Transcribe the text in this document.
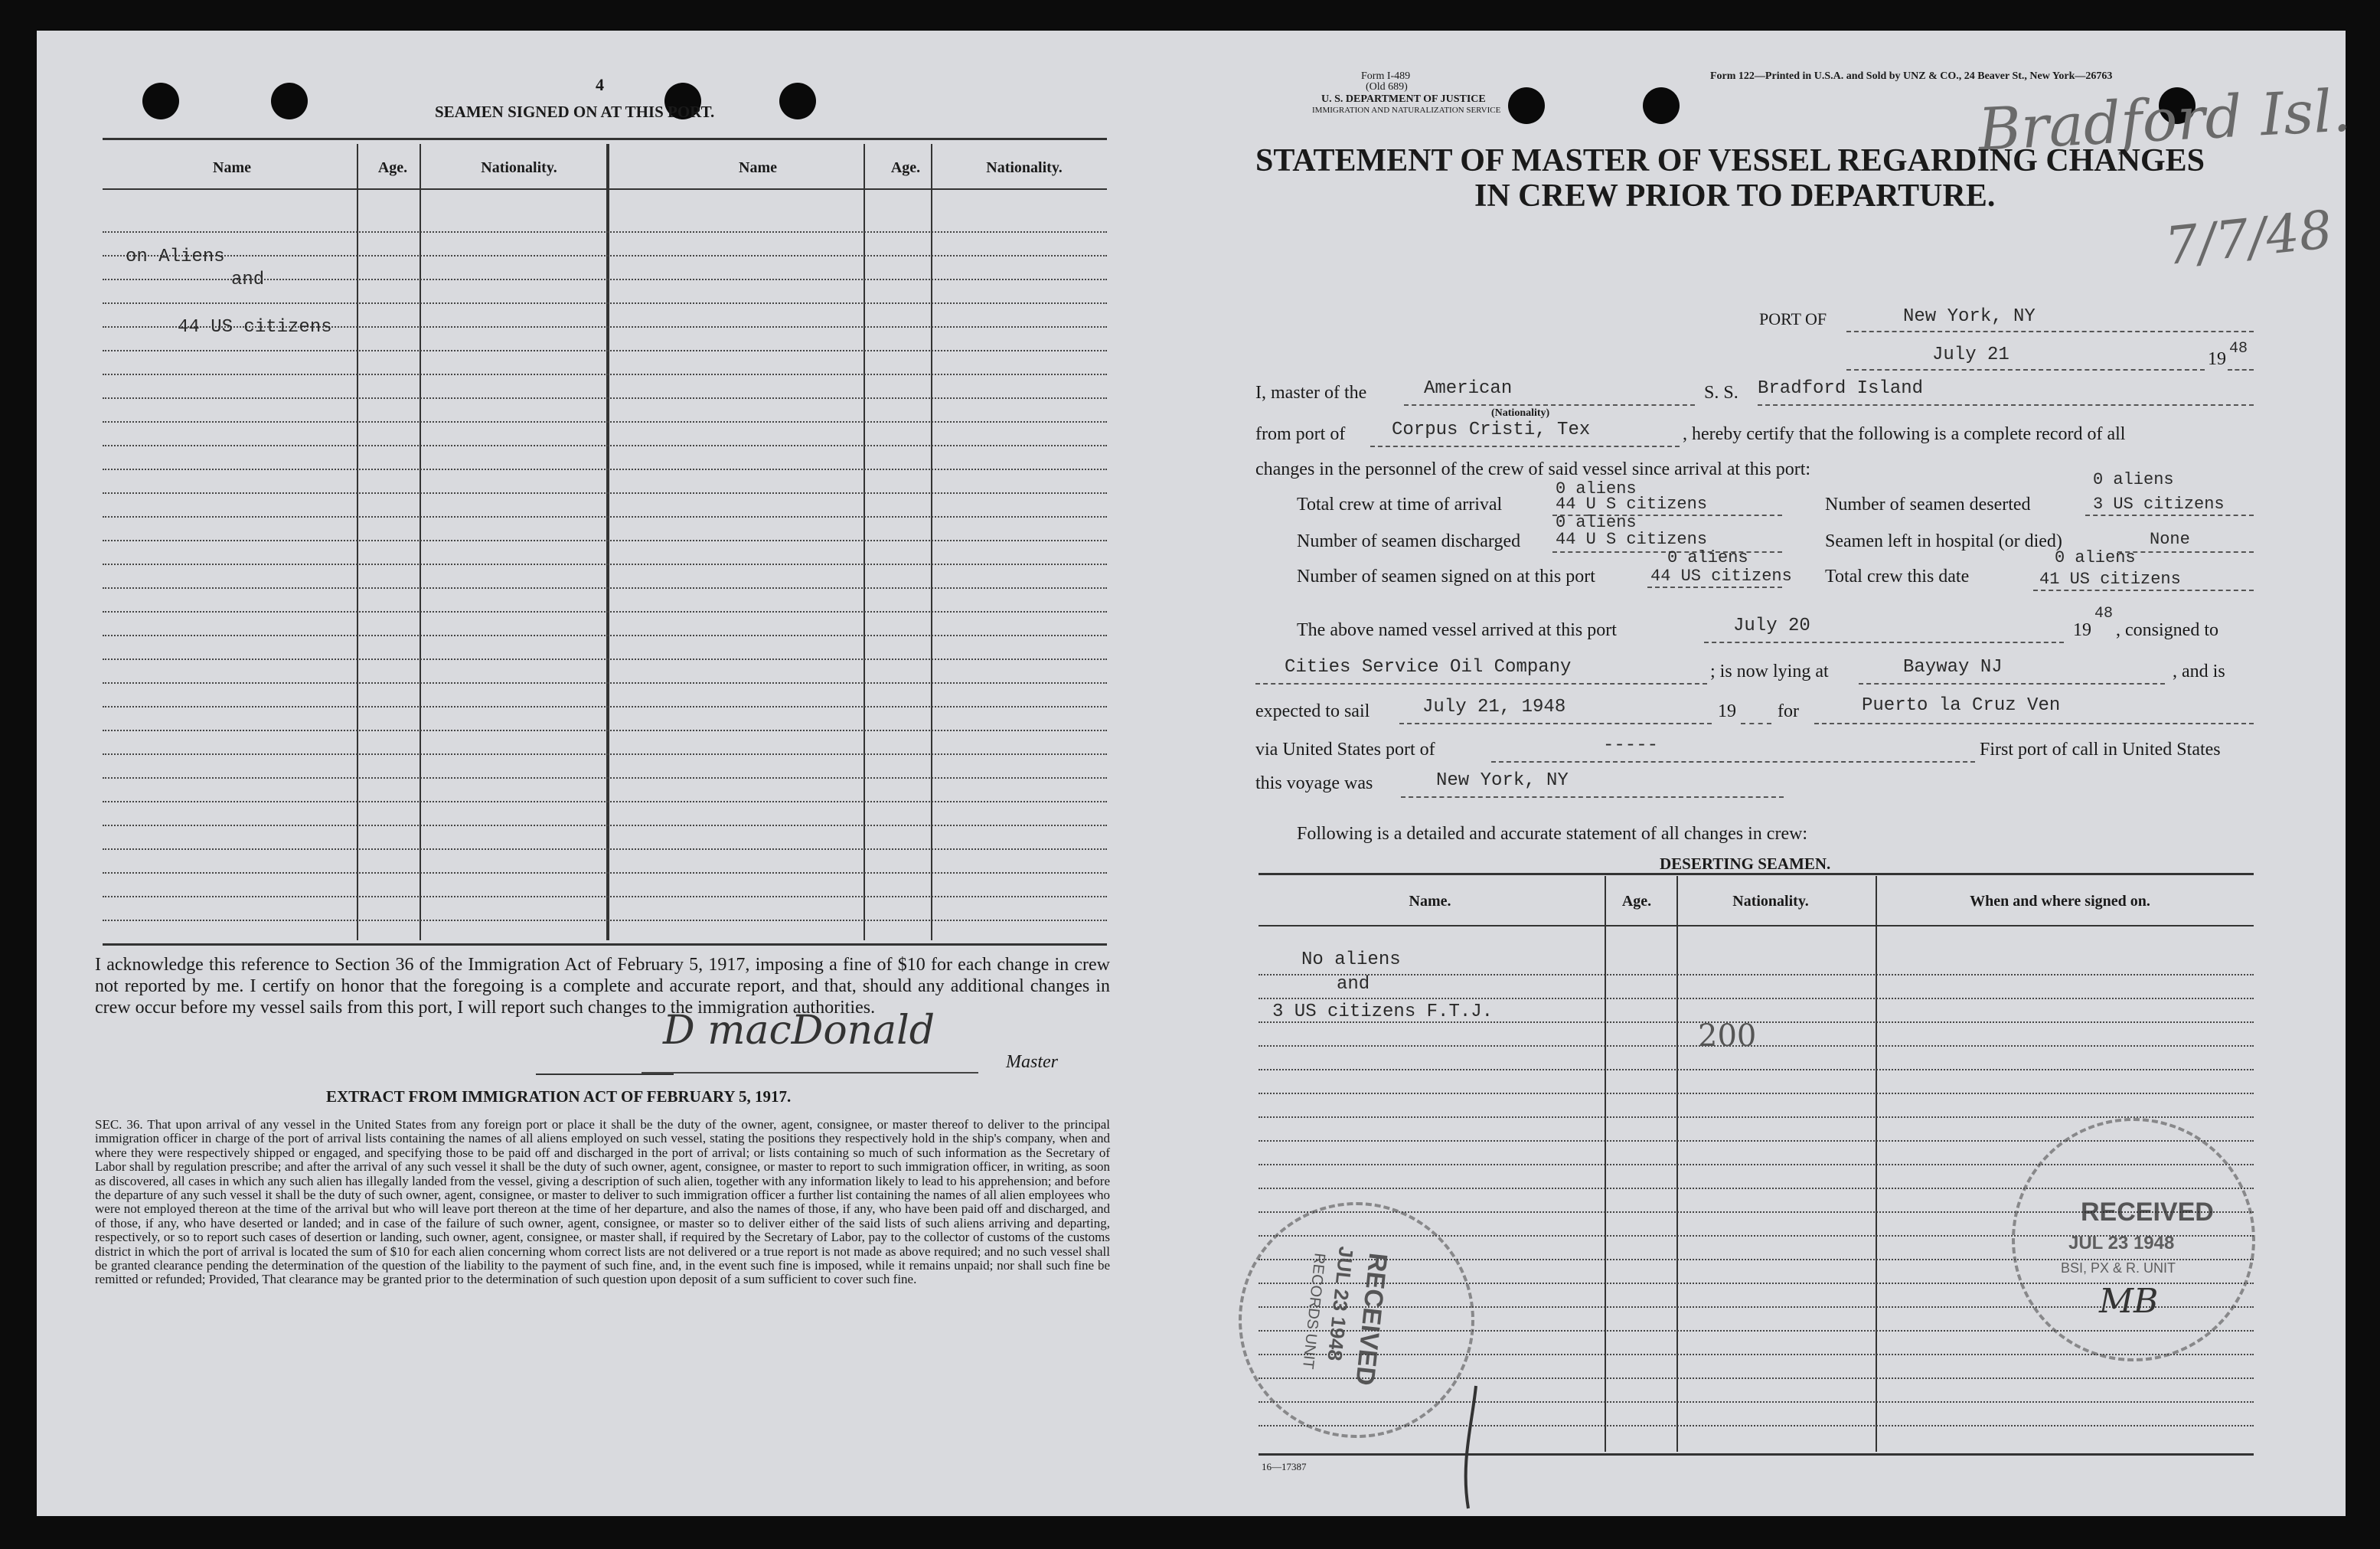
4
SEAMEN SIGNED ON AT THIS PORT.
Name	Age.	Nationality.	Name	Age.	Nationality.
on Aliens
and
44 US citizens
I acknowledge this reference to Section 36 of the Immigration Act of February 5, 1917, imposing a fine of $10 for each change in crew not reported by me. I certify on honor that the foregoing is a complete and accurate report, and that, should any additional changes in crew occur before my vessel sails from this port, I will report such changes to the immigration authorities.
D macDonald
Master
EXTRACT FROM IMMIGRATION ACT OF FEBRUARY 5, 1917.
SEC. 36. That upon arrival of any vessel in the United States from any foreign port or place it shall be the duty of the owner, agent, consignee, or master thereof to deliver to the principal immigration officer in charge of the port of arrival lists containing the names of all aliens employed on such vessel, stating the positions they respectively hold in the ship's company, when and where they were respectively shipped or engaged, and specifying those to be paid off and discharged in the port of arrival; or lists containing so much of such information as the Secretary of Labor shall by regulation prescribe; and after the arrival of any such vessel it shall be the duty of such owner, agent, consignee, or master to report to such immigration officer, in writing, as soon as discovered, all cases in which any such alien has illegally landed from the vessel, giving a description of such alien, together with any information likely to lead to his apprehension; and before the departure of any such vessel it shall be the duty of such owner, agent, consignee, or master to deliver to such immigration officer a further list containing the names of all alien employees who were not employed thereon at the time of the arrival but who will leave port thereon at the time of her departure, and also the names of those, if any, who have been paid off and discharged, and of those, if any, who have deserted or landed; and in case of the failure of such owner, agent, consignee, or master so to deliver either of the said lists of such aliens arriving and departing, respectively, or so to report such cases of desertion or landing, such owner, agent, consignee, or master shall, if required by the Secretary of Labor, pay to the collector of customs of the customs district in which the port of arrival is located the sum of $10 for each alien concerning whom correct lists are not delivered or a true report is not made as above required; and no such vessel shall be granted clearance pending the determination of the question of the liability to the payment of such fine, and, in the event such fine is imposed, while it remains unpaid; nor shall such fine be remitted or refunded; Provided, That clearance may be granted prior to the determination of such question upon deposit of a sum sufficient to cover such fine.	RECEIVED
JUL 23 1948
RECORDS UNIT
Form I-489
(Old 689)
U. S. DEPARTMENT OF JUSTICE
IMMIGRATION AND NATURALIZATION SERVICE
Form 122—Printed in U.S.A. and Sold by UNZ & CO., 24 Beaver St., New York—26763
Bradford Isl.
7/7/48
STATEMENT OF MASTER OF VESSEL REGARDING CHANGES
IN CREW PRIOR TO DEPARTURE.
PORT OF	New York, NY
July 21	19
48
I, master of the	American
(Nationality)
S. S. Bradford Island
from port of	Corpus Cristi, Tex	, hereby certify that the following is a complete record of all
changes in the personnel of the crew of said vessel since arrival at this port:
Total crew at time of arrival
0 aliens
44 U S citizens	Number of seamen deserted
0 aliens
3 US citizens
Number of seamen discharged
0 aliens
44 U S citizens	Seamen left in hospital (or died)	None
Number of seamen signed on at this port
0 aliens
44 US citizens Total crew this date
0 aliens
41 US citizens
The above named vessel arrived at this port	July 20	19
48
, consigned to
Cities Service Oil Company	; is now lying at	Bayway NJ	, and is
expected to sail	July 21, 1948	19 for	Puerto la Cruz Ven
via United States port of	-----	First port of call in United States
this voyage was	New York, NY
Following is a detailed and accurate statement of all changes in crew:
DESERTING SEAMEN.
Name.	Age.	Nationality.	When and where signed on.
No aliens
and
3 US citizens F.T.J.
200
RECEIVED
JUL 23 1948
BSI, PX & R. UNIT
MB
16—17387
